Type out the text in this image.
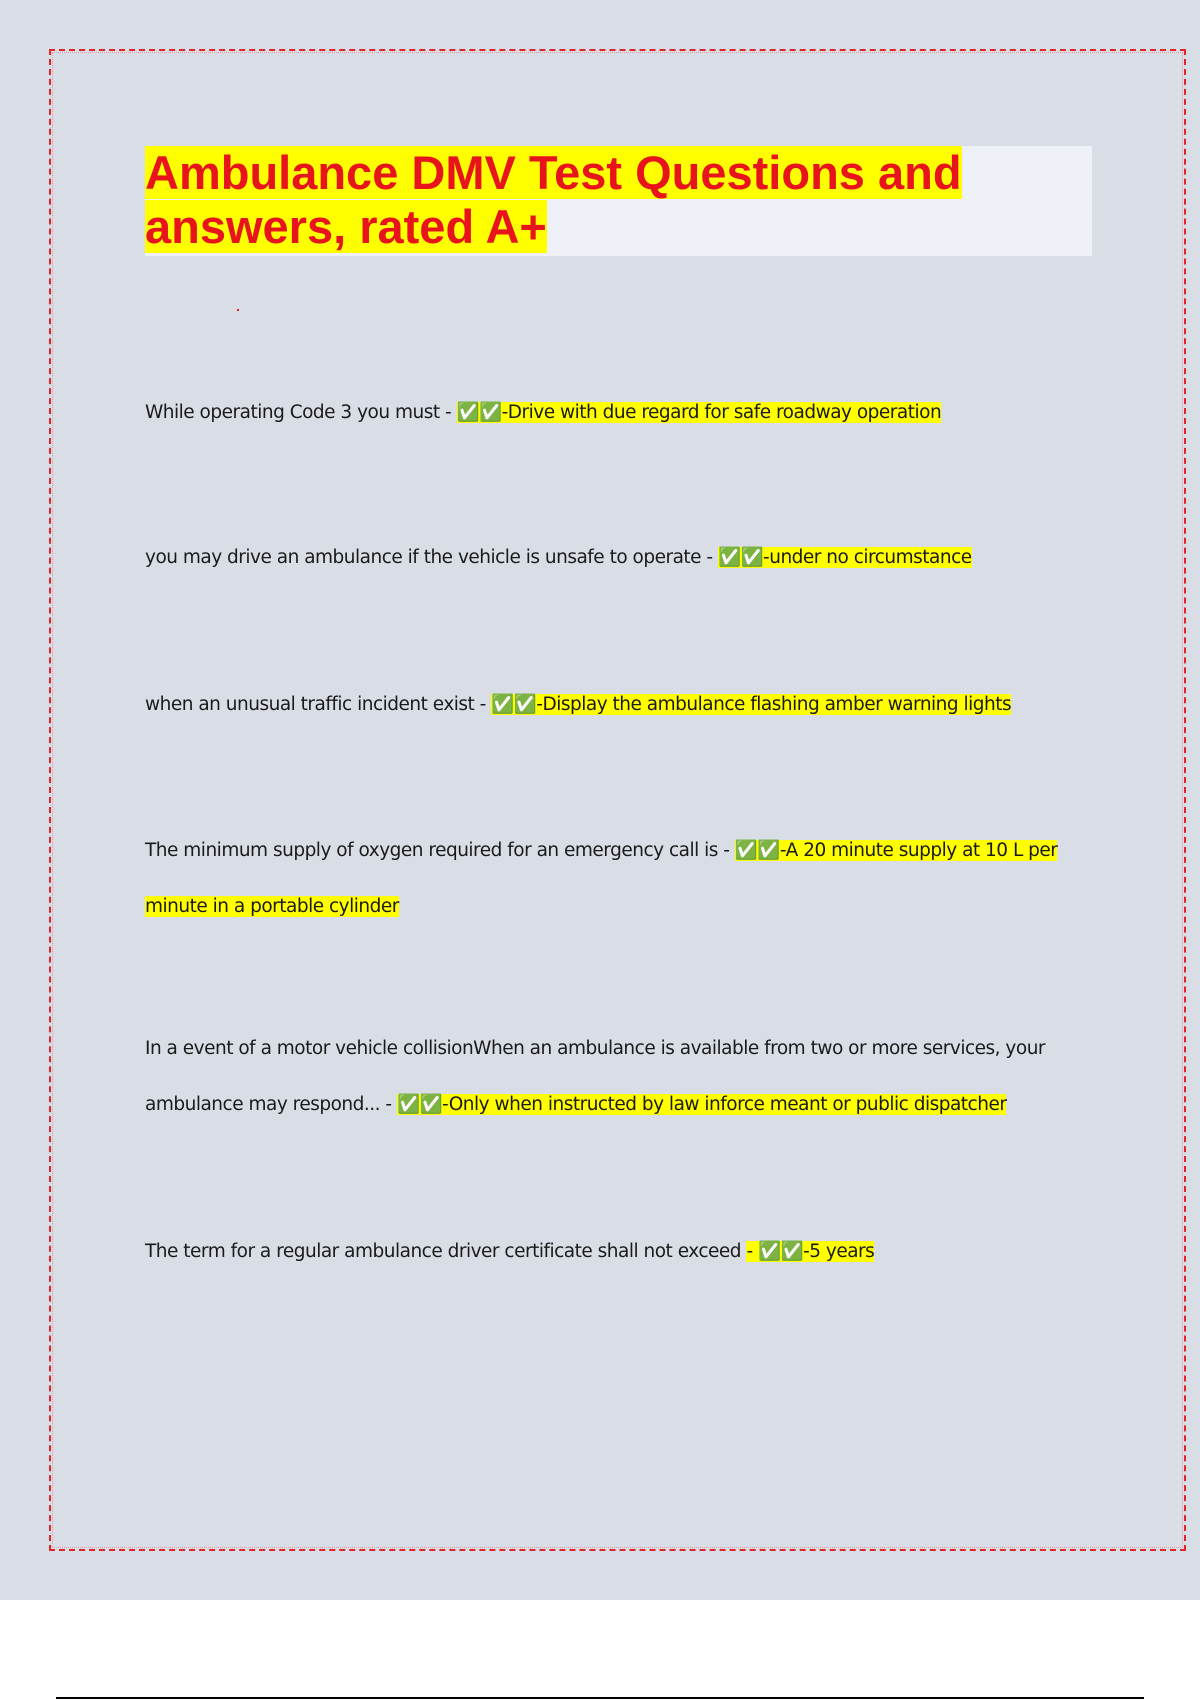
Ambulance DMV Test Questions and answers, rated A+

While operating Code 3 you must - ✅✅-Drive with due regard for safe roadway operation

you may drive an ambulance if the vehicle is unsafe to operate - ✅✅-under no circumstance

when an unusual traffic incident exist - ✅✅-Display the ambulance flashing amber warning lights

The minimum supply of oxygen required for an emergency call is - ✅✅-A 20 minute supply at 10 L per minute in a portable cylinder

In a event of a motor vehicle collisionWhen an ambulance is available from two or more services, your ambulance may respond... - ✅✅-Only when instructed by law inforce meant or public dispatcher

The term for a regular ambulance driver certificate shall not exceed - ✅✅-5 years
